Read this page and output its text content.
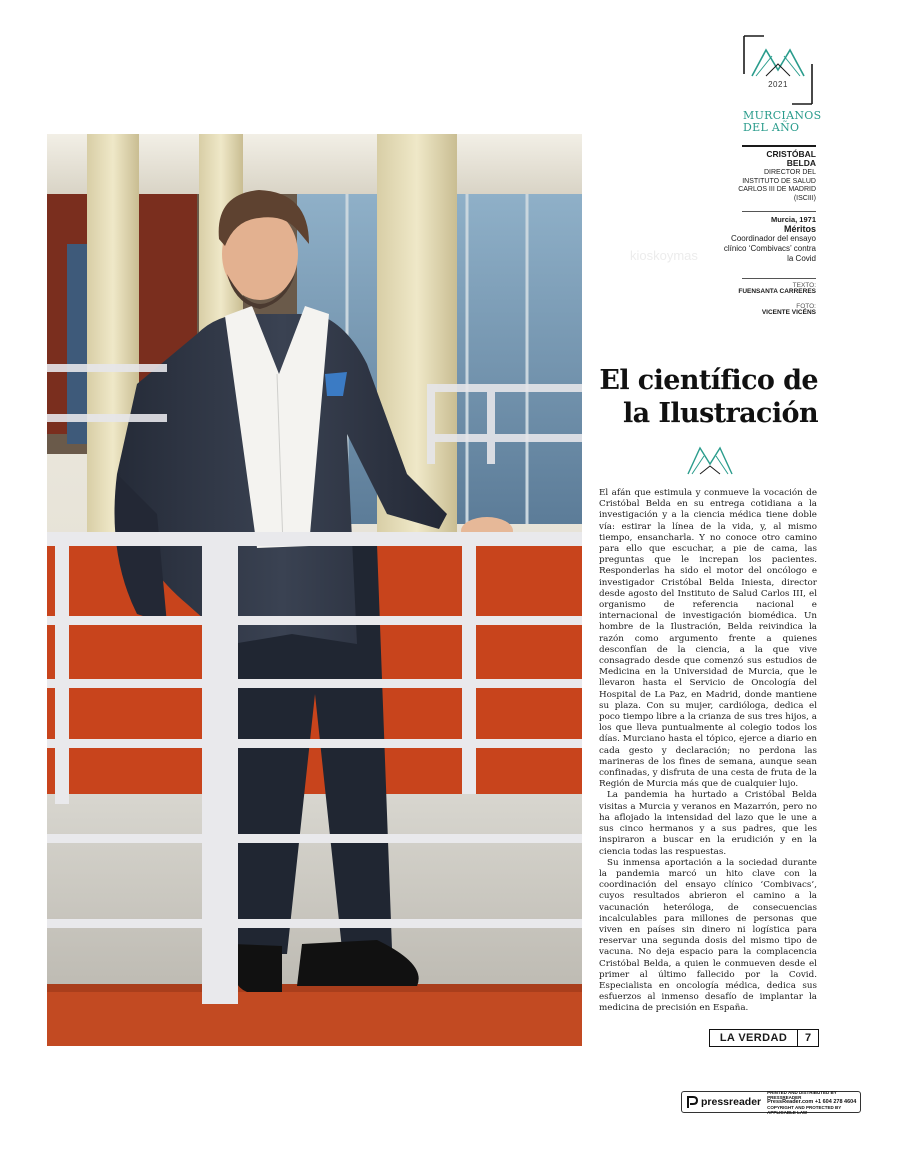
2021
MURCIANOS DEL AÑO
CRISTÓBAL BELDA
DIRECTOR DEL INSTITUTO DE SALUD CARLOS III DE MADRID (ISCIII)
Murcia, 1971
Méritos
Coordinador del ensayo clínico ‘Combivacs’ contra la Covid
TEXTO:
FUENSANTA CARRERES
FOTO:
VICENTE VICÉNS
kioskoymas
El científico de la Ilustración

El afán que estimula y conmueve la vocación de Cristóbal Belda en su entrega cotidiana a la investigación y a la ciencia médica tiene doble vía: estirar la línea de la vida, y, al mismo tiempo, ensancharla. Y no conoce otro camino para ello que escuchar, a pie de cama, las preguntas que le increpan los pacientes. Responderlas ha sido el motor del oncólogo e investigador Cristóbal Belda Iniesta, director desde agosto del Instituto de Salud Carlos III, el organismo de referencia nacional e internacional de investigación biomédica. Un hombre de la Ilustración, Belda reivindica la razón como argumento frente a quienes desconfían de la ciencia, a la que vive consagrado desde que comenzó sus estudios de Medicina en la Universidad de Murcia, que le llevaron hasta el Servicio de Oncología del Hospital de La Paz, en Madrid, donde mantiene su plaza. Con su mujer, cardióloga, dedica el poco tiempo libre a la crianza de sus tres hijos, a los que lleva puntualmente al colegio todos los días. Murciano hasta el tópico, ejerce a diario en cada gesto y declaración; no perdona las marineras de los fines de semana, aunque sean confinadas, y disfruta de una cesta de fruta de la Región de Murcia más que de cualquier lujo.

La pandemia ha hurtado a Cristóbal Belda visitas a Murcia y veranos en Mazarrón, pero no ha aflojado la intensidad del lazo que le une a sus cinco hermanos y a sus padres, que les inspiraron a buscar en la erudición y en la ciencia todas las respuestas.

Su inmensa aportación a la sociedad durante la pandemia marcó un hito clave con la coordinación del ensayo clínico ‘Combivacs’, cuyos resultados abrieron el camino a la vacunación heteróloga, de consecuencias incalculables para millones de personas que viven en países sin dinero ni logística para reservar una segunda dosis del mismo tipo de vacuna. No deja espacio para la complacencia Cristóbal Belda, a quien le conmueven desde el primer al último fallecido por la Covid. Especialista en oncología médica, dedica sus esfuerzos al inmenso desafío de implantar la medicina de precisión en España.

LA VERDAD	7
pressreader
PRINTED AND DISTRIBUTED BY PRESSREADER
PressReader.com +1 604 278 4604
COPYRIGHT AND PROTECTED BY APPLICABLE LAW
